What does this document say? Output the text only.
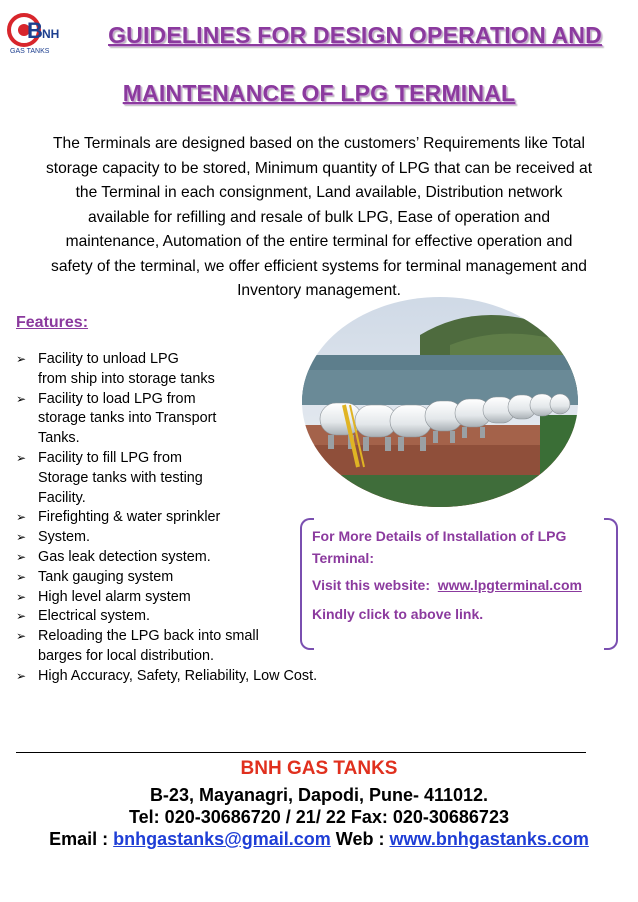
B NH
GAS TANKS
GUIDELINES FOR DESIGN OPERATION AND
MAINTENANCE OF LPG TERMINAL
The Terminals are designed based on the customers’ Requirements like Total
storage capacity to be stored, Minimum quantity of LPG that can be received at
the Terminal in each consignment, Land available, Distribution network
available for refilling and resale of bulk LPG, Ease of operation and
maintenance, Automation of the entire terminal for effective operation and
safety of the terminal, we offer efficient systems for terminal management and
Inventory management.
Features:
➢ Facility to unload LPG
from ship into storage tanks
➢ Facility to load LPG from
storage tanks into Transport
Tanks.
➢ Facility to fill LPG from
Storage tanks with testing
Facility.
➢ Firefighting & water sprinkler
➢ System.
➢ Gas leak detection system.
➢ Tank gauging system
➢ High level alarm system
➢ Electrical system.
➢ Reloading the LPG back into small
barges for local distribution.
➢ High Accuracy, Safety, Reliability, Low Cost.

For More Details of Installation of LPG

Terminal:

Visit this website: www.lpgterminal.com

Kindly click to above link.

BNH GAS TANKS
B-23, Mayanagri, Dapodi, Pune- 411012.
Tel: 020-30686720 / 21/ 22 Fax: 020-30686723
Email : bnhgastanks@gmail.com Web : www.bnhgastanks.com
